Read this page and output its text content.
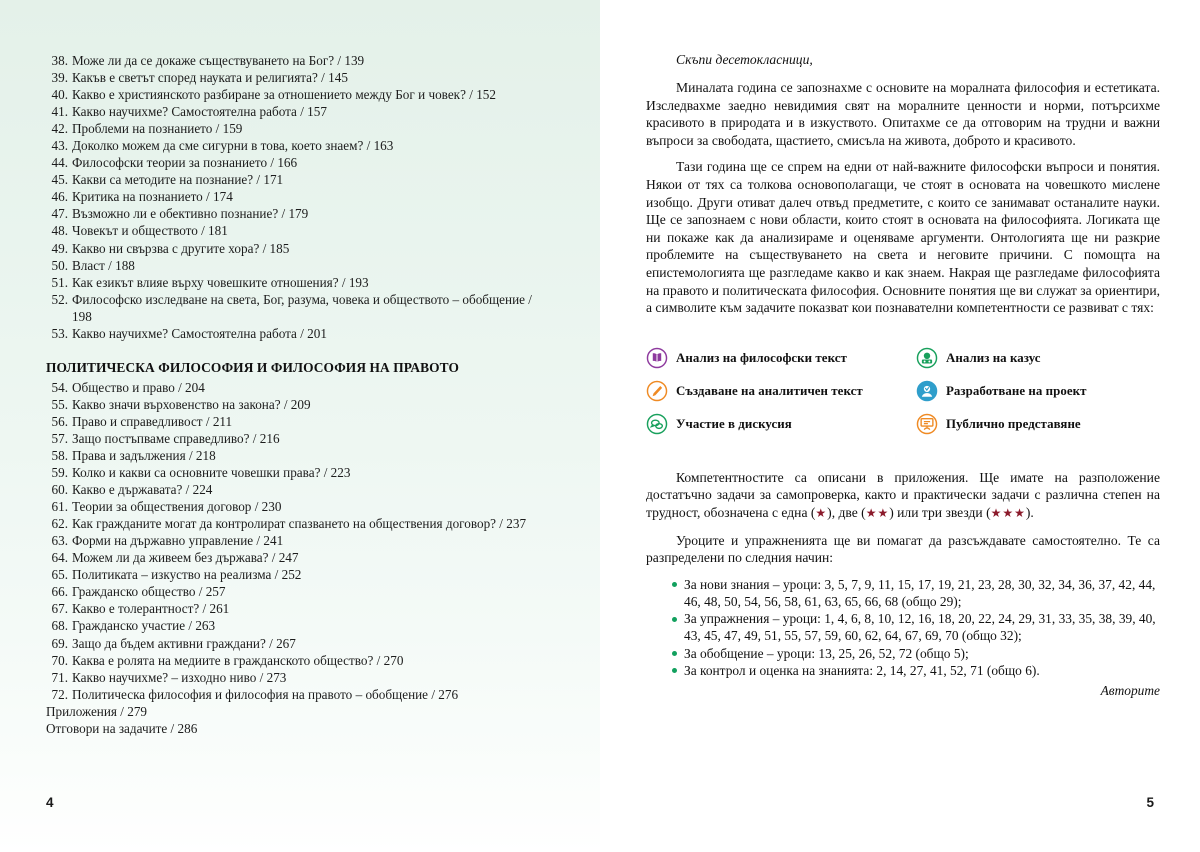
38. Може ли да се докаже съществуването на Бог? / 139
39. Какъв е светът според науката и религията? / 145
40. Какво е християнското разбиране за отношението между Бог и човек? / 152
41. Какво научихме? Самостоятелна работа / 157
42. Проблеми на познанието / 159
43. Доколко можем да сме сигурни в това, което знаем? / 163
44. Философски теории за познанието / 166
45. Какви са методите на познание? / 171
46. Критика на познанието / 174
47. Възможно ли е обективно познание? / 179
48. Човекът и обществото / 181
49. Какво ни свързва с другите хора? / 185
50. Власт / 188
51. Как езикът влияе върху човешките отношения? / 193
52. Философско изследване на света, Бог, разума, човека и обществото – обобщение / 198
53. Какво научихме? Самостоятелна работа / 201
ПОЛИТИЧЕСКА ФИЛОСОФИЯ И ФИЛОСОФИЯ НА ПРАВОТО
54. Общество и право / 204
55. Какво значи върховенство на закона? / 209
56. Право и справедливост / 211
57. Защо постъпваме справедливо? / 216
58. Права и задължения / 218
59. Колко и какви са основните човешки права? / 223
60. Какво е държавата? / 224
61. Теории за обществения договор / 230
62. Как гражданите могат да контролират спазването на обществения договор? / 237
63. Форми на държавно управление / 241
64. Можем ли да живеем без държава? / 247
65. Политиката – изкуство на реализма / 252
66. Гражданско общество / 257
67. Какво е толерантност? / 261
68. Гражданско участие / 263
69. Защо да бъдем активни граждани? / 267
70. Каква е ролята на медиите в гражданското общество? / 270
71. Какво научихме? – изходно ниво / 273
72. Политическа философия и философия на правото – обобщение / 276
Приложения / 279
Отговори на задачите / 286
4
Скъпи десетокласници,

Миналата година се запознахме с основите на моралната философия и естетиката. Изследвахме заедно невидимия свят на моралните ценности и норми, потърсихме красивото в природата и в изкуството. Опитахме се да отговорим на трудни и важни въпроси за свободата, щастието, смисъла на живота, доброто и красивото.

Тази година ще се спрем на едни от най-важните философски въпроси и понятия. Някои от тях са толкова основополагащи, че стоят в основата на човешкото мислене изобщо. Други отиват далеч отвъд предметите, с които се занимават останалите науки. Ще се запознаем с нови области, които стоят в основата на философията. Логиката ще ни покаже как да анализираме и оценяваме аргументи. Онтологията ще ни разкрие проблемите на съществуването на света и неговите причини. С помощта на епистемологията ще разгледаме какво и как знаем. Накрая ще разгледаме философията на правото и политическата философия. Основните понятия ще ви служат за ориентири, а символите към задачите показват кои познавателни компетентности се развиват с тях:

Анализ на философски текст	Анализ на казус
Създаване на аналитичен текст	Разработване на проект
Участие в дискусия	Публично представяне

Компетентностите са описани в приложения. Ще имате на разположение достатъчно задачи за самопроверка, както и практически задачи с различна степен на трудност, обозначена с една (★), две (★★) или три звезди (★★★).

Уроците и упражненията ще ви помагат да разсъждавате самостоятелно. Те са разпределени по следния начин:

За нови знания – уроци: 3, 5, 7, 9, 11, 15, 17, 19, 21, 23, 28, 30, 32, 34, 36, 37, 42, 44, 46, 48, 50, 54, 56, 58, 61, 63, 65, 66, 68 (общо 29);
За упражнения – уроци: 1, 4, 6, 8, 10, 12, 16, 18, 20, 22, 24, 29, 31, 33, 35, 38, 39, 40, 43, 45, 47, 49, 51, 55, 57, 59, 60, 62, 64, 67, 69, 70 (общо 32);
За обобщение – уроци: 13, 25, 26, 52, 72 (общо 5);
За контрол и оценка на знанията: 2, 14, 27, 41, 52, 71 (общо 6).
Авторите
5
